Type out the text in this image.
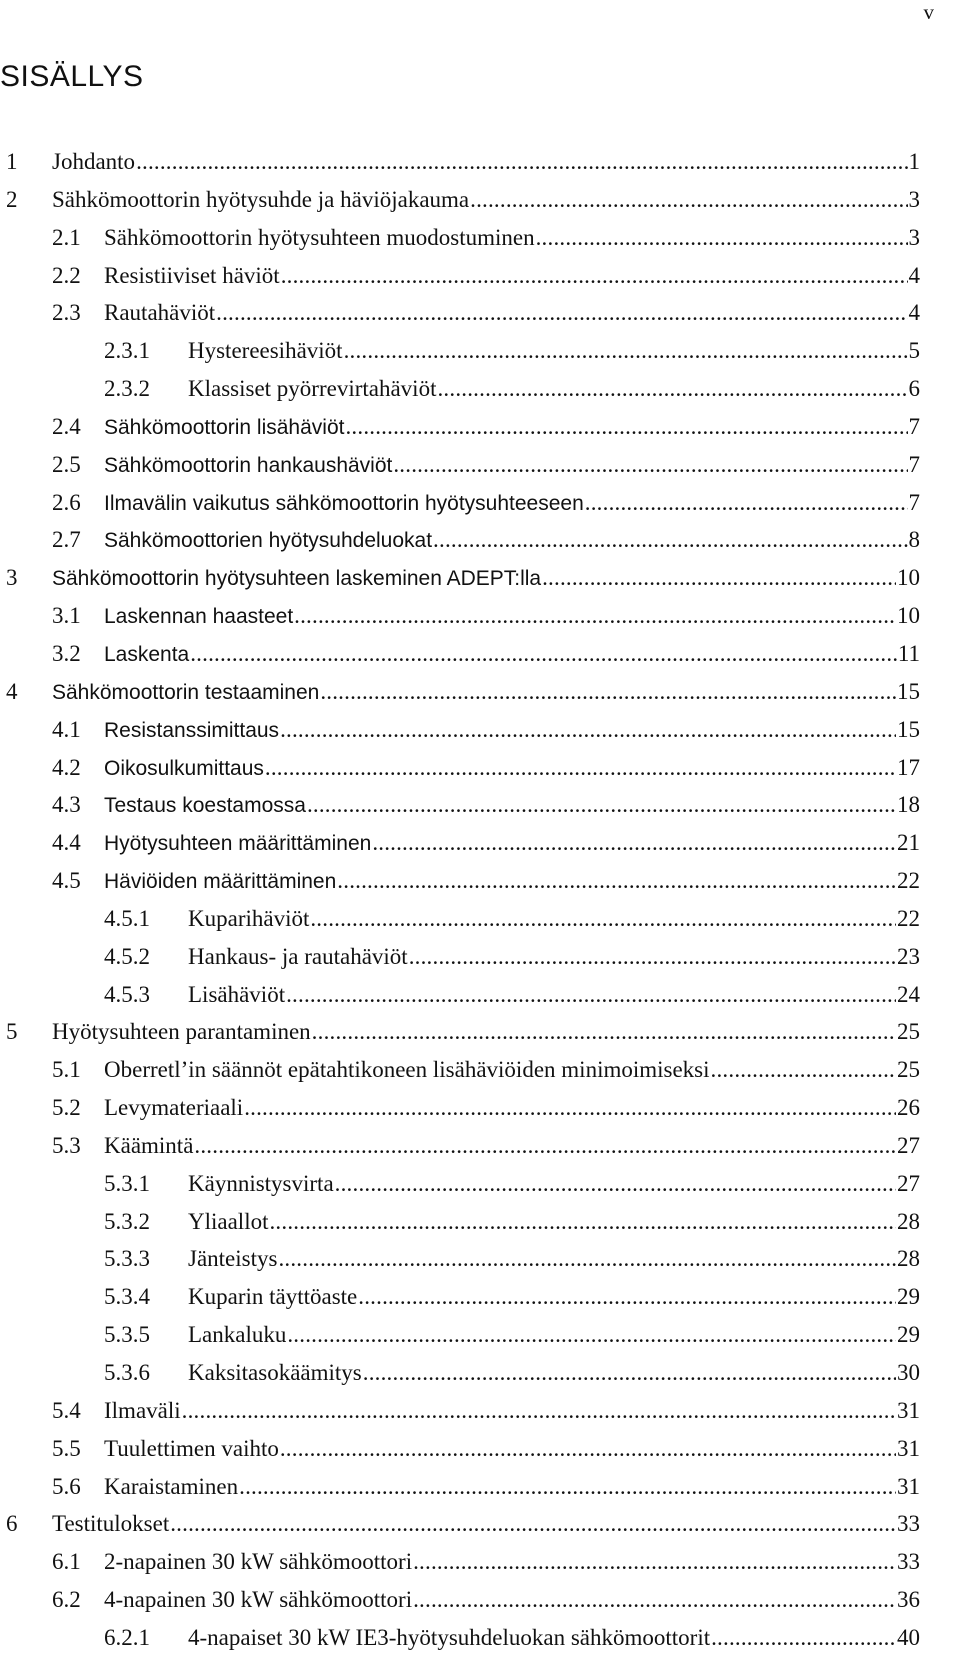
v
SISÄLLYS
1 Johdanto .....	1
2 Sähkömoottorin hyötysuhde ja häviöjakauma .....	3
2.1 Sähkömoottorin hyötysuhteen muodostuminen .....	3
2.2 Resistiiviset häviöt .....	4
2.3 Rautahäviöt .....	4
2.3.1 Hystereesihäviöt .....	5
2.3.2 Klassiset pyörrevirtahäviöt .....	6
2.4 Sähkömoottorin lisähäviöt .....	7
2.5 Sähkömoottorin hankaushäviöt .....	7
2.6 Ilmavälin vaikutus sähkömoottorin hyötysuhteeseen .....	7
2.7 Sähkömoottorien hyötysuhdeluokat .....	8
3 Sähkömoottorin hyötysuhteen laskeminen ADEPT:lla .....	10
3.1 Laskennan haasteet .....	10
3.2 Laskenta .....	11
4 Sähkömoottorin testaaminen .....	15
4.1 Resistanssimittaus .....	15
4.2 Oikosulkumittaus .....	17
4.3 Testaus koestamossa .....	18
4.4 Hyötysuhteen määrittäminen .....	21
4.5 Häviöiden määrittäminen .....	22
4.5.1 Kuparihäviöt .....	22
4.5.2 Hankaus- ja rautahäviöt .....	23
4.5.3 Lisähäviöt .....	24
5 Hyötysuhteen parantaminen .....	25
5.1 Oberretl’in säännöt epätahtikoneen lisähäviöiden minimoimiseksi .....	25
5.2 Levymateriaali .....	26
5.3 Käämintä .....	27
5.3.1 Käynnistysvirta .....	27
5.3.2 Yliaallot .....	28
5.3.3 Jänteistys .....	28
5.3.4 Kuparin täyttöaste .....	29
5.3.5 Lankaluku .....	29
5.3.6 Kaksitasokäämitys .....	30
5.4 Ilmaväli .....	31
5.5 Tuulettimen vaihto .....	31
5.6 Karaistaminen .....	31
6 Testitulokset .....	33
6.1 2-napainen 30 kW sähkömoottori .....	33
6.2 4-napainen 30 kW sähkömoottori .....	36
6.2.1 4-napaiset 30 kW IE3-hyötysuhdeluokan sähkömoottorit .....	40
